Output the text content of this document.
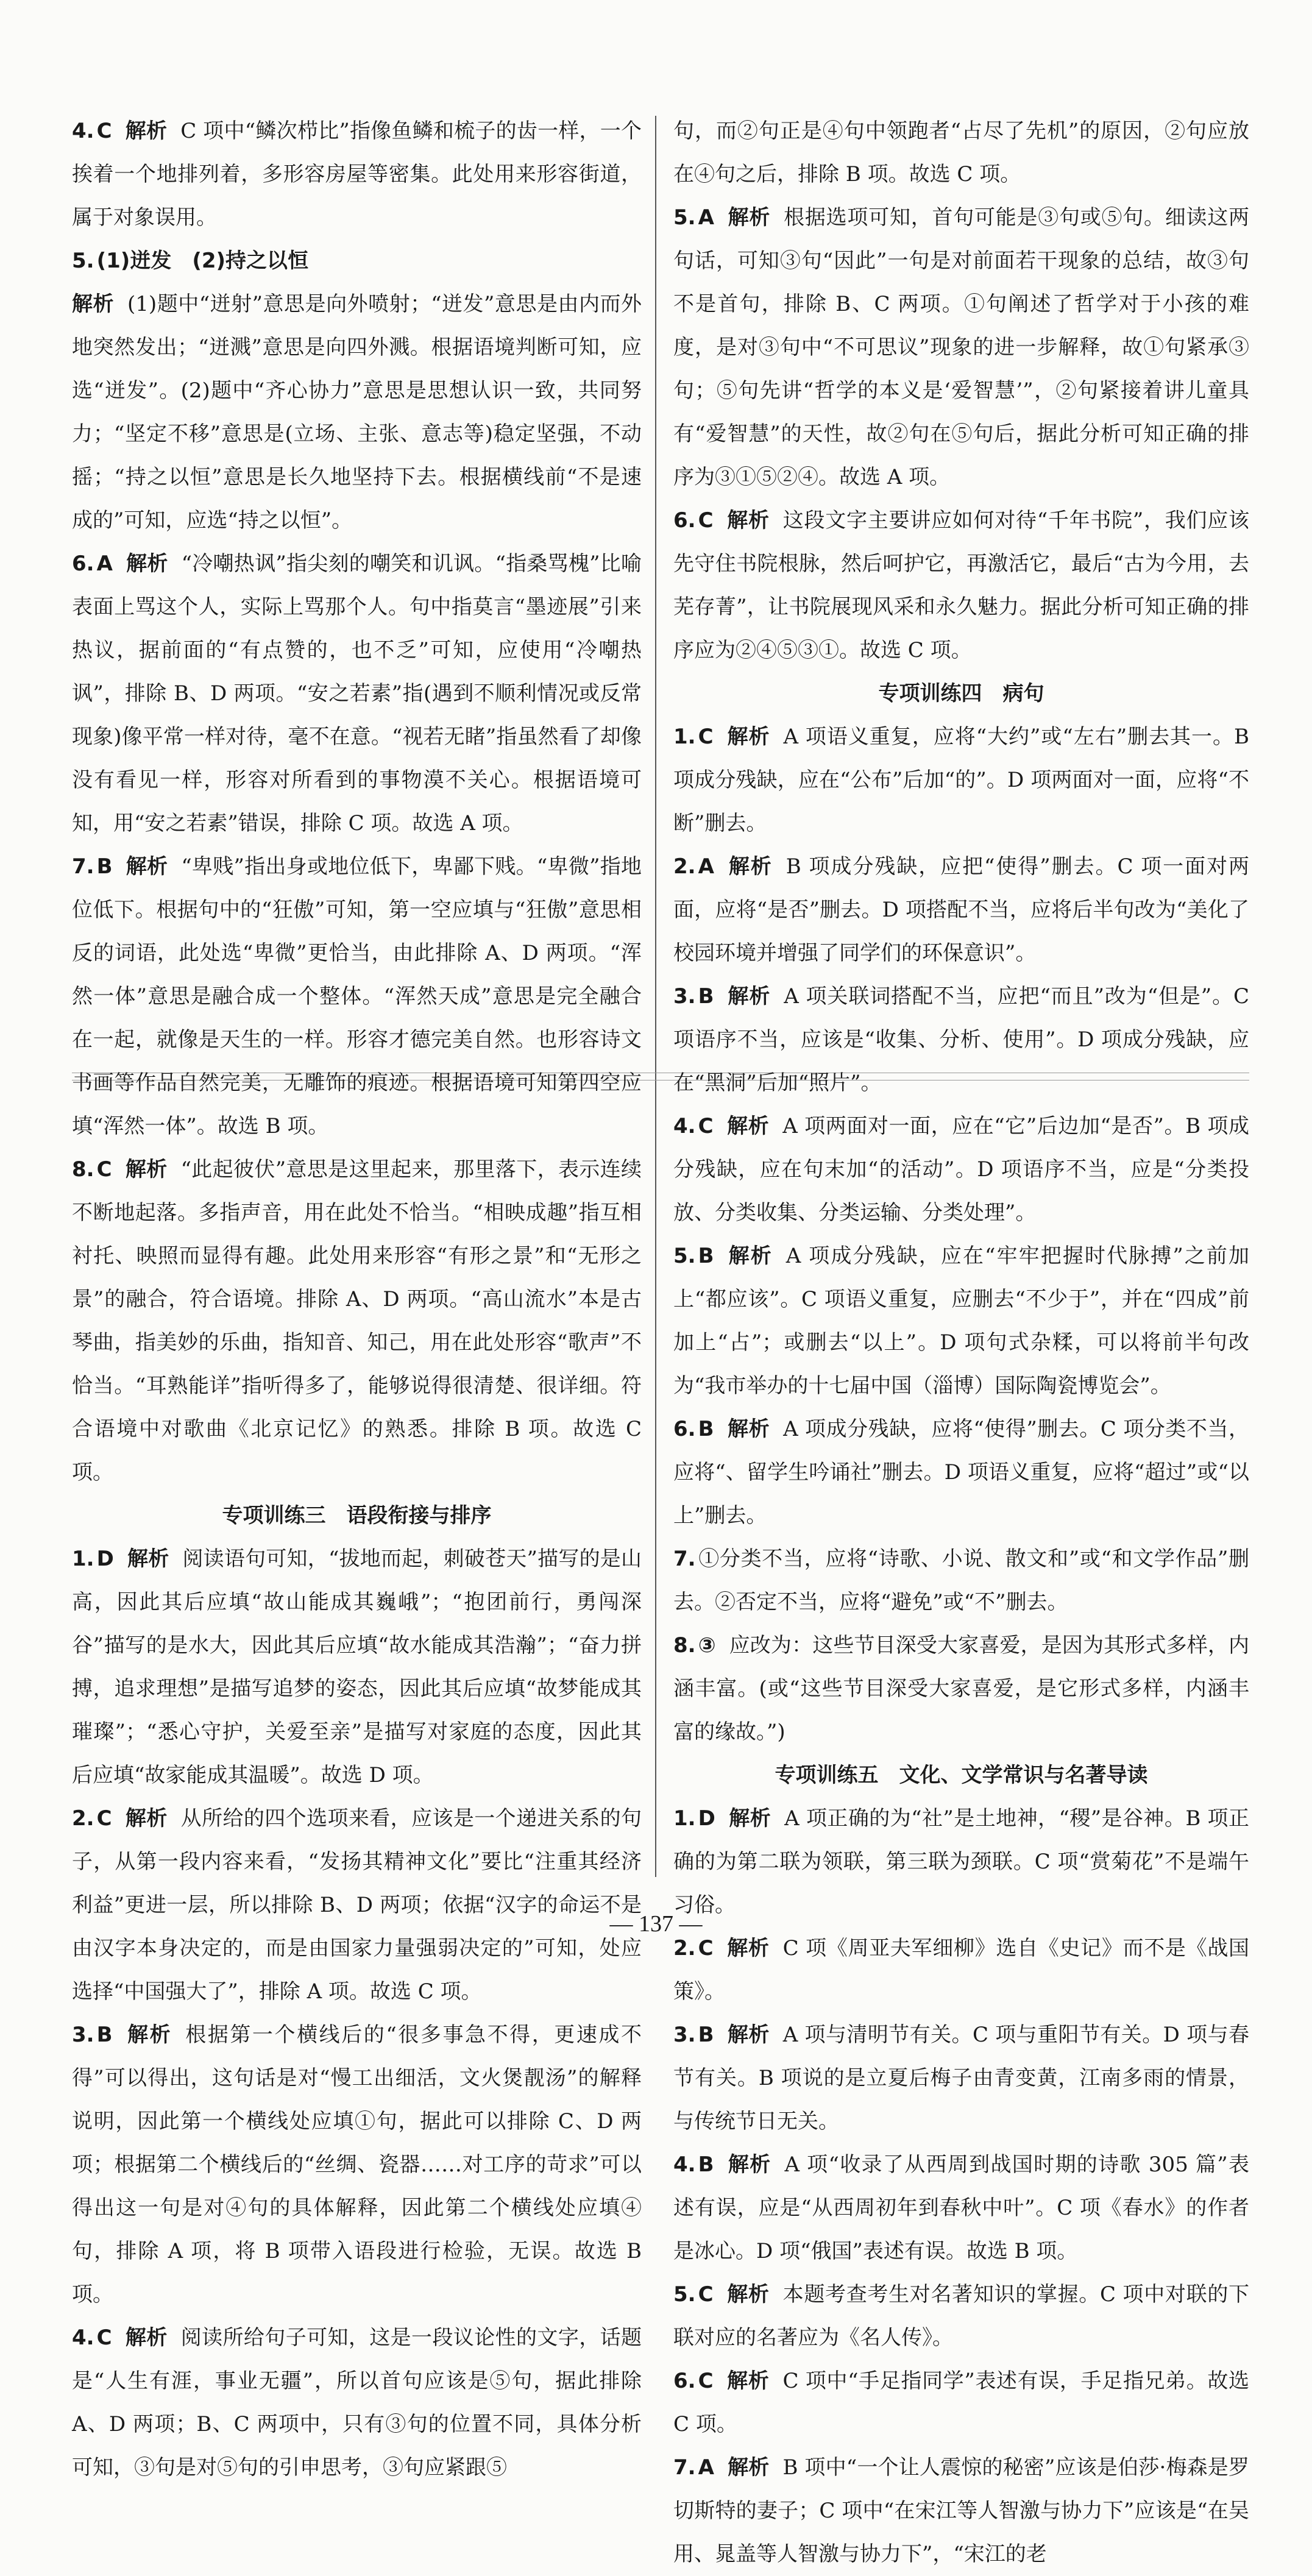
4. C 解析 C 项中“鳞次栉比”指像鱼鳞和梳子的齿一样，一个挨着一个地排列着，多形容房屋等密集。此处用来形容街道，属于对象误用。

5. (1)迸发　(2)持之以恒

解析 (1)题中“迸射”意思是向外喷射；“迸发”意思是由内而外地突然发出；“迸溅”意思是向四外溅。根据语境判断可知，应选“迸发”。(2)题中“齐心协力”意思是思想认识一致，共同努力；“坚定不移”意思是(立场、主张、意志等)稳定坚强，不动摇；“持之以恒”意思是长久地坚持下去。根据横线前“不是速成的”可知，应选“持之以恒”。

6. A 解析 “冷嘲热讽”指尖刻的嘲笑和讥讽。“指桑骂槐”比喻表面上骂这个人，实际上骂那个人。句中指莫言“墨迹展”引来热议，据前面的“有点赞的，也不乏”可知，应使用“冷嘲热讽”，排除 B、D 两项。“安之若素”指(遇到不顺利情况或反常现象)像平常一样对待，毫不在意。“视若无睹”指虽然看了却像没有看见一样，形容对所看到的事物漠不关心。根据语境可知，用“安之若素”错误，排除 C 项。故选 A 项。

7. B 解析 “卑贱”指出身或地位低下，卑鄙下贱。“卑微”指地位低下。根据句中的“狂傲”可知，第一空应填与“狂傲”意思相反的词语，此处选“卑微”更恰当，由此排除 A、D 两项。“浑然一体”意思是融合成一个整体。“浑然天成”意思是完全融合在一起，就像是天生的一样。形容才德完美自然。也形容诗文书画等作品自然完美，无雕饰的痕迹。根据语境可知第四空应填“浑然一体”。故选 B 项。

8. C 解析 “此起彼伏”意思是这里起来，那里落下，表示连续不断地起落。多指声音，用在此处不恰当。“相映成趣”指互相衬托、映照而显得有趣。此处用来形容“有形之景”和“无形之景”的融合，符合语境。排除 A、D 两项。“高山流水”本是古琴曲，指美妙的乐曲，指知音、知己，用在此处形容“歌声”不恰当。“耳熟能详”指听得多了，能够说得很清楚、很详细。符合语境中对歌曲《北京记忆》的熟悉。排除 B 项。故选 C 项。

专项训练三　语段衔接与排序

1. D 解析 阅读语句可知，“拔地而起，刺破苍天”描写的是山高，因此其后应填“故山能成其巍峨”；“抱团前行，勇闯深谷”描写的是水大，因此其后应填“故水能成其浩瀚”；“奋力拼搏，追求理想”是描写追梦的姿态，因此其后应填“故梦能成其璀璨”；“悉心守护，关爱至亲”是描写对家庭的态度，因此其后应填“故家能成其温暖”。故选 D 项。

2. C 解析 从所给的四个选项来看，应该是一个递进关系的句子，从第一段内容来看，“发扬其精神文化”要比“注重其经济利益”更进一层，所以排除 B、D 两项；依据“汉字的命运不是由汉字本身决定的，而是由国家力量强弱决定的”可知，处应选择“中国强大了”，排除 A 项。故选 C 项。

3. B 解析 根据第一个横线后的“很多事急不得，更速成不得”可以得出，这句话是对“慢工出细活，文火煲靓汤”的解释说明，因此第一个横线处应填①句，据此可以排除 C、D 两项；根据第二个横线后的“丝绸、瓷器……对工序的苛求”可以得出这一句是对④句的具体解释，因此第二个横线处应填④句，排除 A 项，将 B 项带入语段进行检验，无误。故选 B 项。

4. C 解析 阅读所给句子可知，这是一段议论性的文字，话题是“人生有涯，事业无疆”，所以首句应该是⑤句，据此排除 A、D 两项；B、C 两项中，只有③句的位置不同，具体分析可知，③句是对⑤句的引申思考，③句应紧跟⑤

句，而②句正是④句中领跑者“占尽了先机”的原因，②句应放在④句之后，排除 B 项。故选 C 项。

5. A 解析 根据选项可知，首句可能是③句或⑤句。细读这两句话，可知③句“因此”一句是对前面若干现象的总结，故③句不是首句，排除 B、C 两项。①句阐述了哲学对于小孩的难度，是对③句中“不可思议”现象的进一步解释，故①句紧承③句；⑤句先讲“哲学的本义是‘爱智慧’”，②句紧接着讲儿童具有“爱智慧”的天性，故②句在⑤句后，据此分析可知正确的排序为③①⑤②④。故选 A 项。

6. C 解析 这段文字主要讲应如何对待“千年书院”，我们应该先守住书院根脉，然后呵护它，再激活它，最后“古为今用，去芜存菁”，让书院展现风采和永久魅力。据此分析可知正确的排序应为②④⑤③①。故选 C 项。

专项训练四　病句

1. C 解析 A 项语义重复，应将“大约”或“左右”删去其一。B 项成分残缺，应在“公布”后加“的”。D 项两面对一面，应将“不断”删去。

2. A 解析 B 项成分残缺，应把“使得”删去。C 项一面对两面，应将“是否”删去。D 项搭配不当，应将后半句改为“美化了校园环境并增强了同学们的环保意识”。

3. B 解析 A 项关联词搭配不当，应把“而且”改为“但是”。C 项语序不当，应该是“收集、分析、使用”。D 项成分残缺，应在“黑洞”后加“照片”。

4. C 解析 A 项两面对一面，应在“它”后边加“是否”。B 项成分残缺，应在句末加“的活动”。D 项语序不当，应是“分类投放、分类收集、分类运输、分类处理”。

5. B 解析 A 项成分残缺，应在“牢牢把握时代脉搏”之前加上“都应该”。C 项语义重复，应删去“不少于”，并在“四成”前加上“占”；或删去“以上”。D 项句式杂糅，可以将前半句改为“我市举办的十七届中国（淄博）国际陶瓷博览会”。

6. B 解析 A 项成分残缺，应将“使得”删去。C 项分类不当，应将“、留学生吟诵社”删去。D 项语义重复，应将“超过”或“以上”删去。

7. ①分类不当，应将“诗歌、小说、散文和”或“和文学作品”删去。②否定不当，应将“避免”或“不”删去。

8. ③ 应改为：这些节目深受大家喜爱，是因为其形式多样，内涵丰富。(或“这些节目深受大家喜爱，是它形式多样，内涵丰富的缘故。”)

专项训练五　文化、文学常识与名著导读

1. D 解析 A 项正确的为“社”是土地神，“稷”是谷神。B 项正确的为第二联为领联，第三联为颈联。C 项“赏菊花”不是端午习俗。

2. C 解析 C 项《周亚夫军细柳》选自《史记》而不是《战国策》。

3. B 解析 A 项与清明节有关。C 项与重阳节有关。D 项与春节有关。B 项说的是立夏后梅子由青变黄，江南多雨的情景，与传统节日无关。

4. B 解析 A 项“收录了从西周到战国时期的诗歌 305 篇”表述有误，应是“从西周初年到春秋中叶”。C 项《春水》的作者是冰心。D 项“俄国”表述有误。故选 B 项。

5. C 解析 本题考查考生对名著知识的掌握。C 项中对联的下联对应的名著应为《名人传》。

6. C 解析 C 项中“手足指同学”表述有误，手足指兄弟。故选 C 项。

7. A 解析 B 项中“一个让人震惊的秘密”应该是伯莎·梅森是罗切斯特的妻子；C 项中“在宋江等人智激与协力下”应该是“在吴用、晁盖等人智激与协力下”，“宋江的老

— 137 —
